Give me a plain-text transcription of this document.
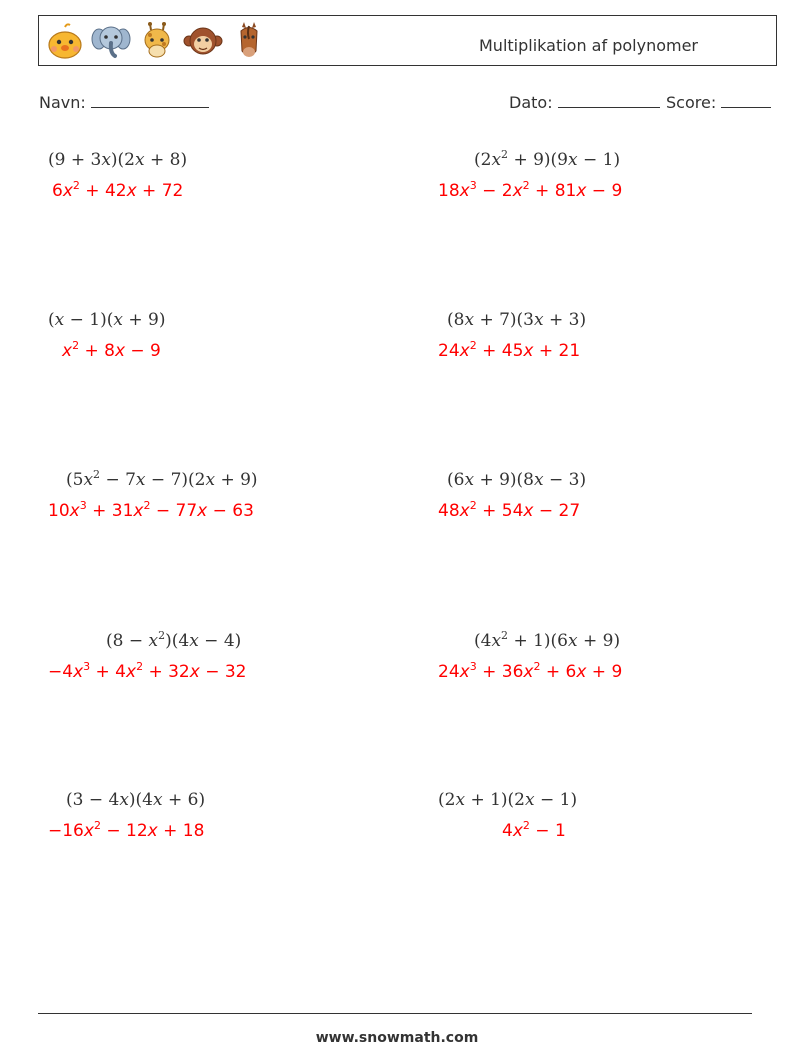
Multiplikation af polynomer
Navn:	Dato:	Score:
(9 + 3x)(2x + 8)
$6x^2 + 42x + 72$
$(2x^2 + 9)(9x - 1)$
$18x^3 - 2x^2 + 81x - 9$
(x − 1)(x + 9)
$x^2 + 8x - 9$
(8x + 7)(3x + 3)
$24x^2 + 45x + 21$
$(5x^2 - 7x - 7)(2x + 9)$
$10x^3 + 31x^2 - 77x - 63$
(6x + 9)(8x − 3)
$48x^2 + 54x - 27$
$(8 - x^2)(4x - 4)$
$-4x^3 + 4x^2 + 32x - 32$
$(4x^2 + 1)(6x + 9)$
$24x^3 + 36x^2 + 6x + 9$
(3 − 4x)(4x + 6)
$-16x^2 - 12x + 18$
(2x + 1)(2x − 1)
$4x^2 - 1$
www.snowmath.com
